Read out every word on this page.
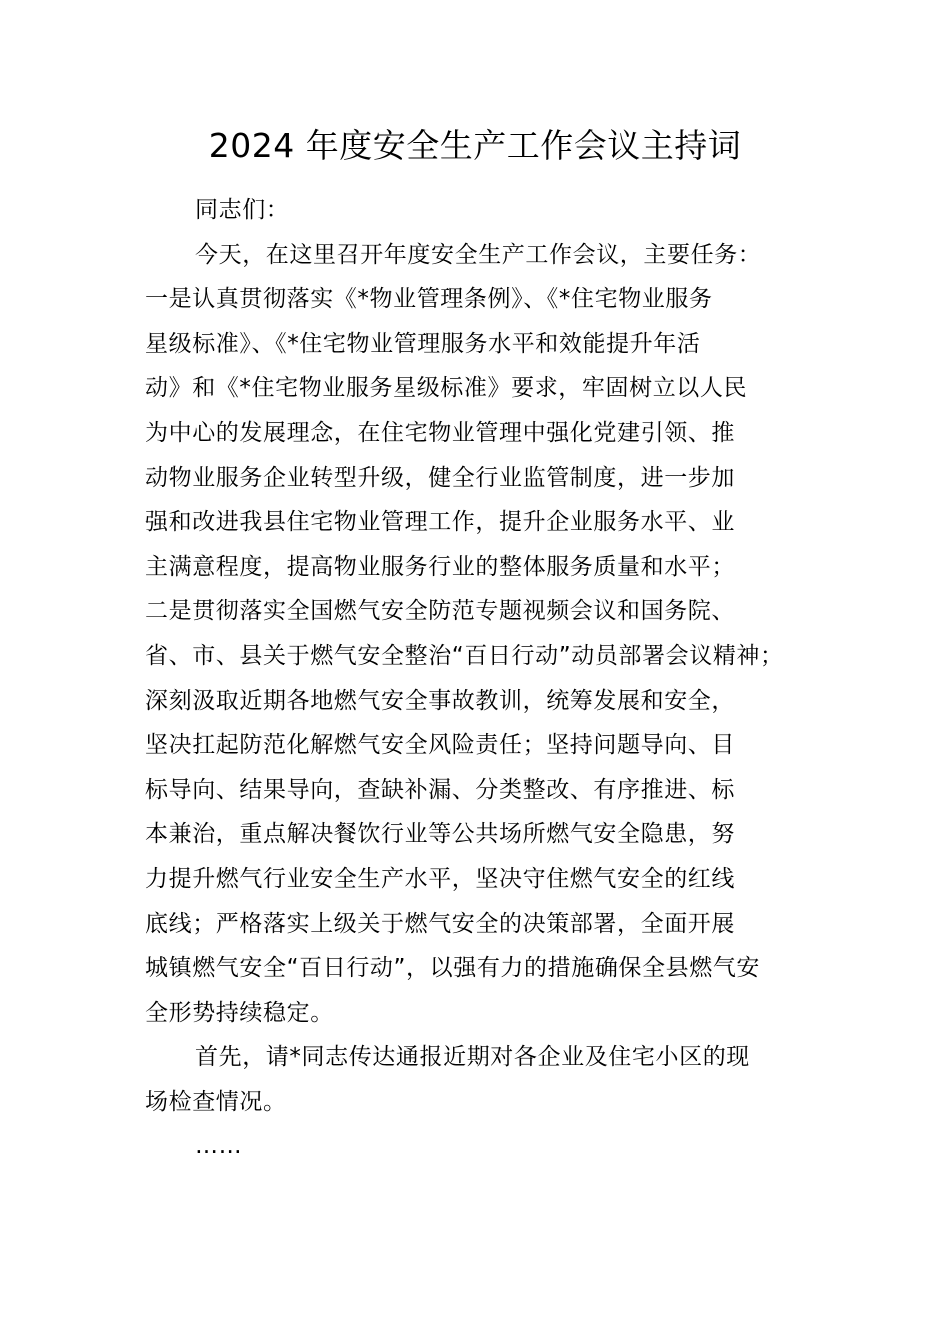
2024 年度安全生产工作会议主持词
同志们：
今天，在这里召开年度安全生产工作会议，主要任务：
一是认真贯彻落实《*物业管理条例》、《*住宅物业服务
星级标准》、《*住宅物业管理服务水平和效能提升年活
动》和《*住宅物业服务星级标准》要求，牢固树立以人民
为中心的发展理念，在住宅物业管理中强化党建引领、推
动物业服务企业转型升级，健全行业监管制度，进一步加
强和改进我县住宅物业管理工作，提升企业服务水平、业
主满意程度，提高物业服务行业的整体服务质量和水平；
二是贯彻落实全国燃气安全防范专题视频会议和国务院、
省、市、县关于燃气安全整治“百日行动”动员部署会议精神；
深刻汲取近期各地燃气安全事故教训，统筹发展和安全，
坚决扛起防范化解燃气安全风险责任；坚持问题导向、目
标导向、结果导向，查缺补漏、分类整改、有序推进、标
本兼治，重点解决餐饮行业等公共场所燃气安全隐患，努
力提升燃气行业安全生产水平，坚决守住燃气安全的红线
底线；严格落实上级关于燃气安全的决策部署，全面开展
城镇燃气安全“百日行动”，以强有力的措施确保全县燃气安
全形势持续稳定。
首先，请*同志传达通报近期对各企业及住宅小区的现
场检查情况。
……
